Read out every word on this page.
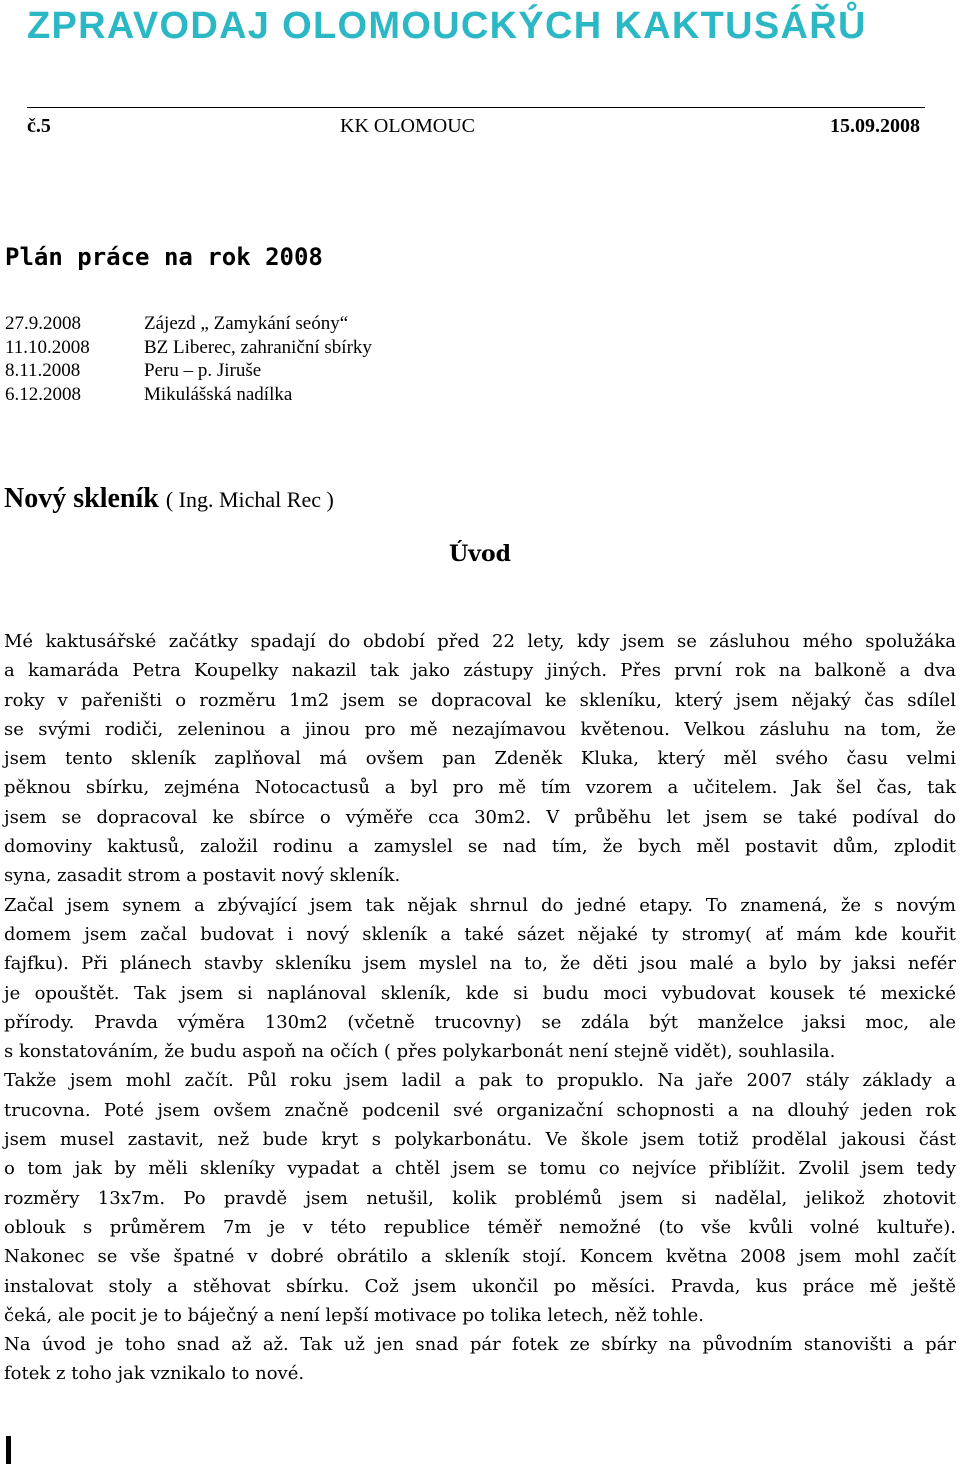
ZPRAVODAJ OLOMOUCKÝCH KAKTUSÁŘŮ
č.5	KK OLOMOUC	15.09.2008
Plán práce na rok 2008
27.9.2008	Zájezd „ Zamykání seóny“
11.10.2008	BZ Liberec, zahraniční sbírky
8.11.2008	Peru – p. Jiruše
6.12.2008	Mikulášská nadílka
Nový skleník ( Ing. Michal Rec )
Úvod

Mé kaktusářské začátky spadají do období před 22 lety, kdy jsem se zásluhou mého spolužáka
a kamaráda Petra Koupelky nakazil tak jako zástupy jiných. Přes první rok na balkoně a dva
roky v pařeništi o rozměru 1m2 jsem se dopracoval ke skleníku, který jsem nějaký čas sdílel
se svými rodiči, zeleninou a jinou pro mě nezajímavou květenou. Velkou zásluhu na tom, že
jsem tento skleník zaplňoval má ovšem pan Zdeněk Kluka, který měl svého času velmi
pěknou sbírku, zejména Notocactusů a byl pro mě tím vzorem a učitelem. Jak šel čas, tak
jsem se dopracoval ke sbírce o výměře cca 30m2. V průběhu let jsem se také podíval do
domoviny kaktusů, založil rodinu a zamyslel se nad tím, že bych měl postavit dům, zplodit
syna, zasadit strom a postavit nový skleník.

Začal jsem synem a zbývající jsem tak nějak shrnul do jedné etapy. To znamená, že s novým
domem jsem začal budovat i nový skleník a také sázet nějaké ty stromy( ať mám kde kouřit
fajfku). Při plánech stavby skleníku jsem myslel na to, že děti jsou malé a bylo by jaksi nefér
je opouštět. Tak jsem si naplánoval skleník, kde si budu moci vybudovat kousek té mexické
přírody. Pravda výměra 130m2 (včetně trucovny) se zdála být manželce jaksi moc, ale
s konstatováním, že budu aspoň na očích ( přes polykarbonát není stejně vidět), souhlasila.
Takže jsem mohl začít. Půl roku jsem ladil a pak to propuklo. Na jaře 2007 stály základy a
trucovna. Poté jsem ovšem značně podcenil své organizační schopnosti a na dlouhý jeden rok
jsem musel zastavit, než bude kryt s polykarbonátu. Ve škole jsem totiž prodělal jakousi část
o tom jak by měli skleníky vypadat a chtěl jsem se tomu co nejvíce přiblížit. Zvolil jsem tedy
rozměry 13x7m. Po pravdě jsem netušil, kolik problémů jsem si nadělal, jelikož zhotovit
oblouk s průměrem 7m je v této republice téměř nemožné (to vše kvůli volné kultuře).
Nakonec se vše špatné v dobré obrátilo a skleník stojí. Koncem května 2008 jsem mohl začít
instalovat stoly a stěhovat sbírku. Což jsem ukončil po měsíci. Pravda, kus práce mě ještě
čeká, ale pocit je to báječný a není lepší motivace po tolika letech, něž tohle.

Na úvod je toho snad až až. Tak už jen snad pár fotek ze sbírky na původním stanovišti a pár
fotek z toho jak vznikalo to nové.
